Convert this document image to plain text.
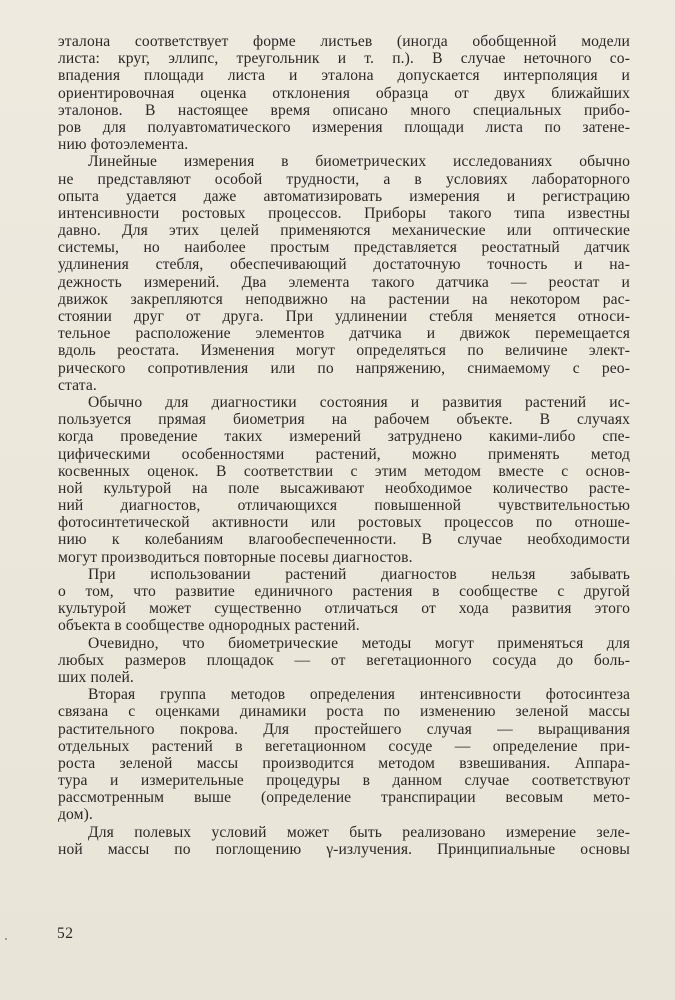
эталона соответствует форме листьев (иногда обобщенной модели
листа: круг, эллипс, треугольник и т. п.). В случае неточного со-
впадения площади листа и эталона допускается интерполяция и
ориентировочная оценка отклонения образца от двух ближайших
эталонов. В настоящее время описано много специальных прибо-
ров для полуавтоматического измерения площади листа по затене-
нию фотоэлемента.
Линейные измерения в биометрических исследованиях обычно
не представляют особой трудности, а в условиях лабораторного
опыта удается даже автоматизировать измерения и регистрацию
интенсивности ростовых процессов. Приборы такого типа известны
давно. Для этих целей применяются механические или оптические
системы, но наиболее простым представляется реостатный датчик
удлинения стебля, обеспечивающий достаточную точность и на-
дежность измерений. Два элемента такого датчика — реостат и
движок закрепляются неподвижно на растении на некотором рас-
стоянии друг от друга. При удлинении стебля меняется относи-
тельное расположение элементов датчика и движок перемещается
вдоль реостата. Изменения могут определяться по величине элект-
рического сопротивления или по напряжению, снимаемому с рео-
стата.
Обычно для диагностики состояния и развития растений ис-
пользуется прямая биометрия на рабочем объекте. В случаях
когда проведение таких измерений затруднено какими-либо спе-
цифическими особенностями растений, можно применять метод
косвенных оценок. В соответствии с этим методом вместе с основ-
ной культурой на поле высаживают необходимое количество расте-
ний диагностов, отличающихся повышенной чувствительностью
фотосинтетической активности или ростовых процессов по отноше-
нию к колебаниям влагообеспеченности. В случае необходимости
могут производиться повторные посевы диагностов.
При использовании растений диагностов нельзя забывать
о том, что развитие единичного растения в сообществе с другой
культурой может существенно отличаться от хода развития этого
объекта в сообществе однородных растений.
Очевидно, что биометрические методы могут применяться для
любых размеров площадок — от вегетационного сосуда до боль-
ших полей.
Вторая группа методов определения интенсивности фотосинтеза
связана с оценками динамики роста по изменению зеленой массы
растительного покрова. Для простейшего случая — выращивания
отдельных растений в вегетационном сосуде — определение при-
роста зеленой массы производится методом взвешивания. Аппара-
тура и измерительные процедуры в данном случае соответствуют
рассмотренным выше (определение транспирации весовым мето-
дом).
Для полевых условий может быть реализовано измерение зеле-
ной массы по поглощению γ-излучения. Принципиальные основы
52
